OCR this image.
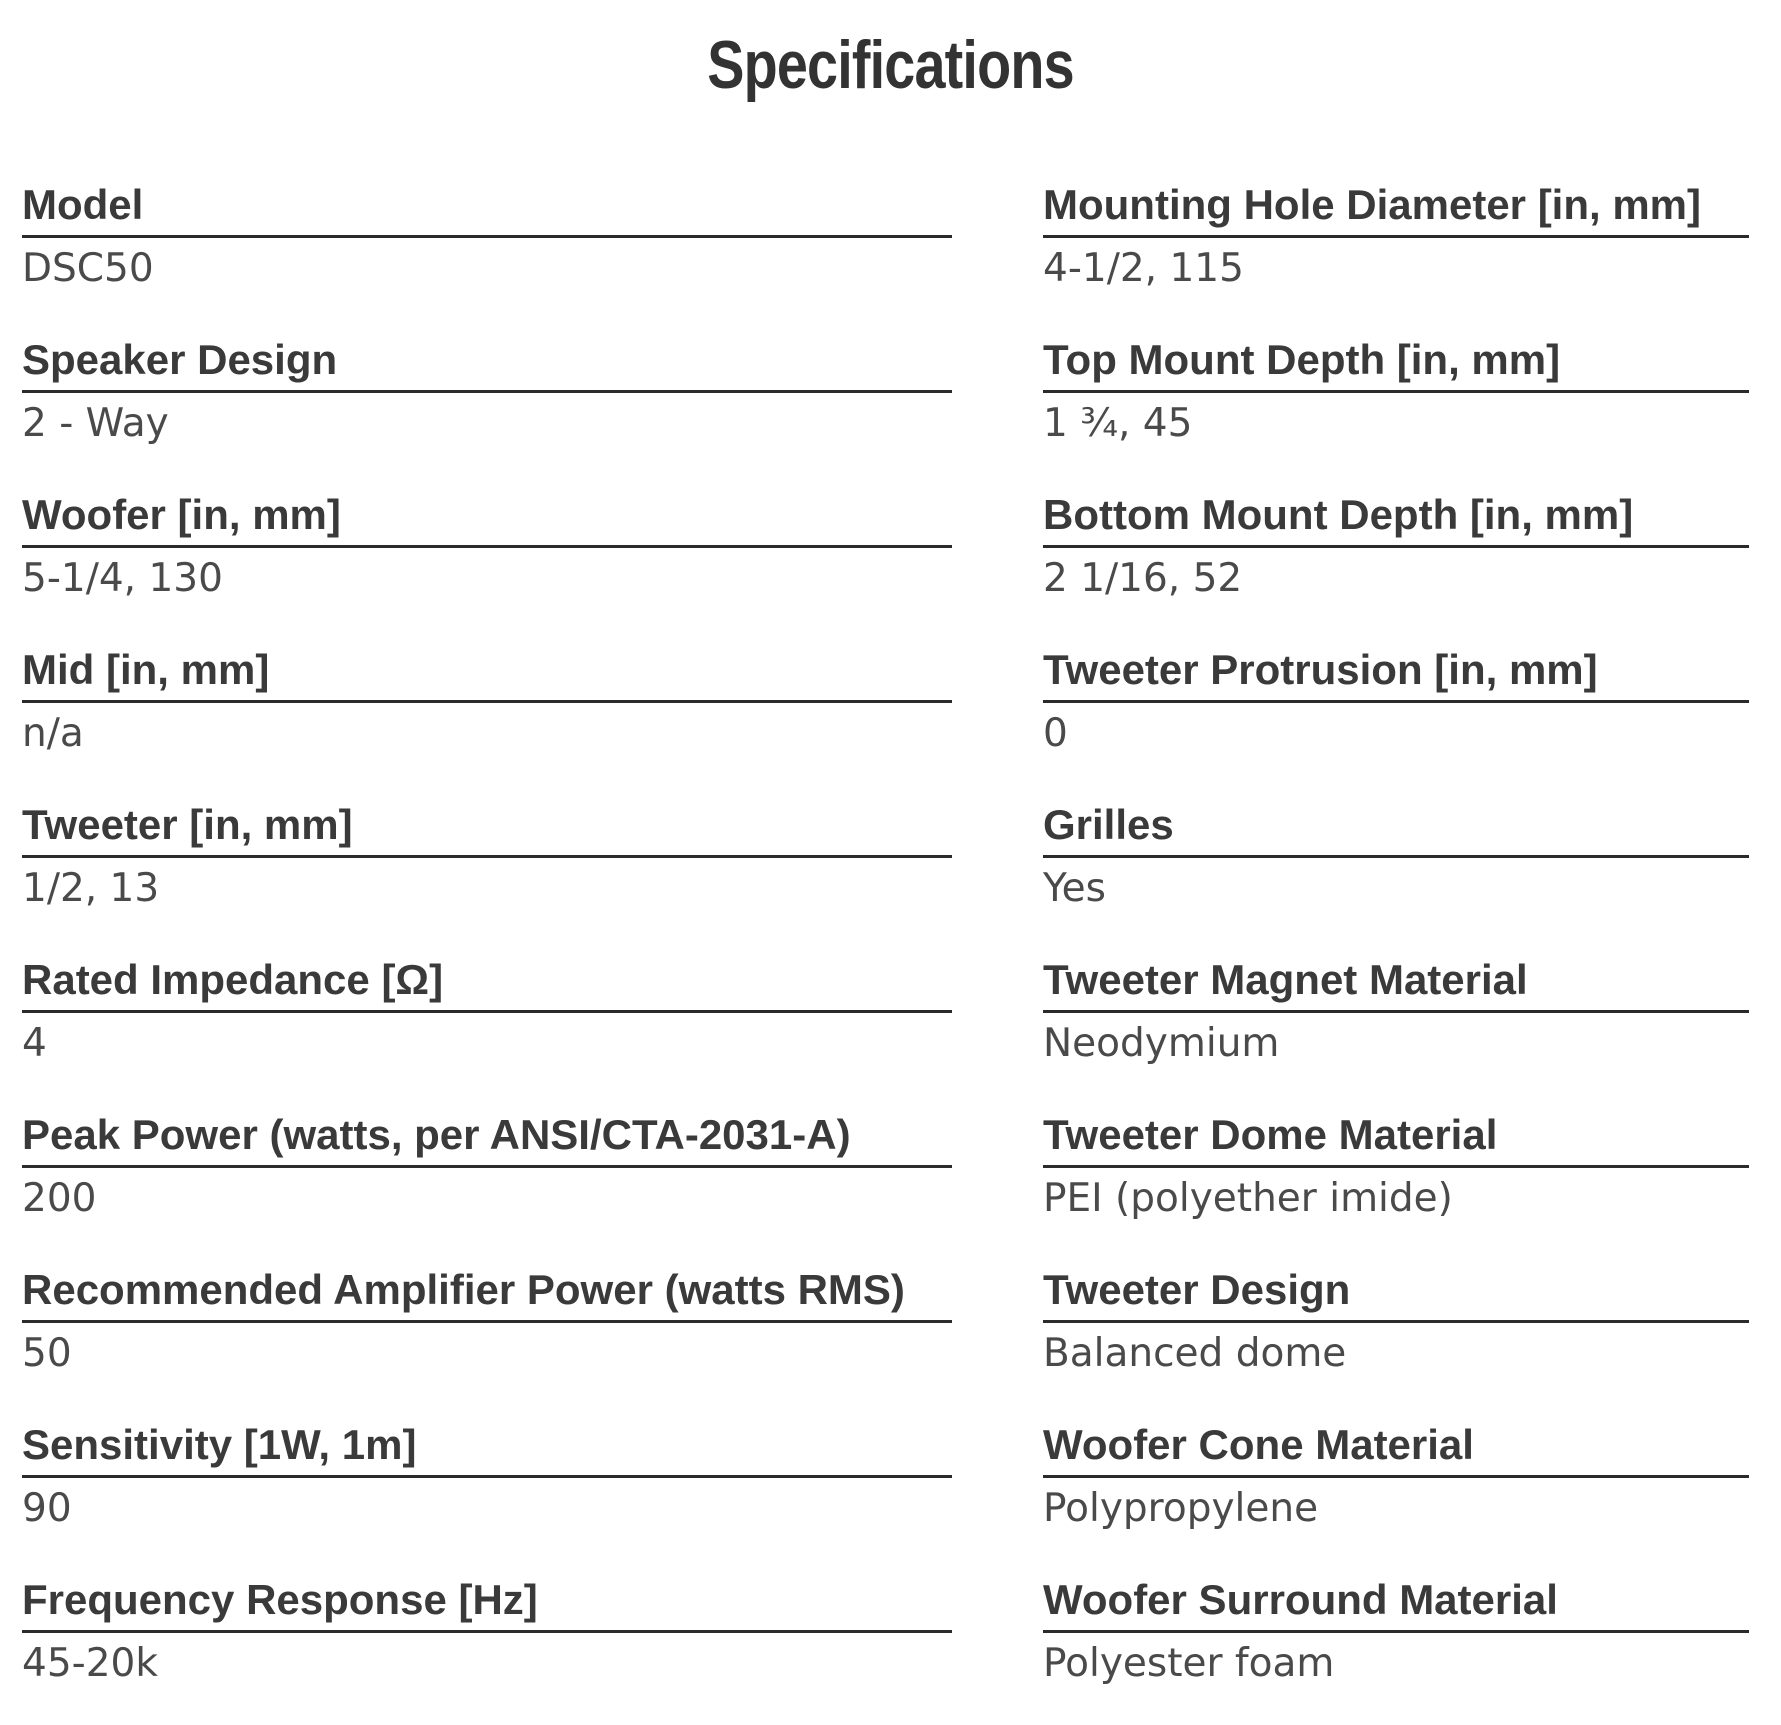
Specifications
Model
DSC50
Speaker Design
2 - Way
Woofer [in, mm]
5-1/4, 130
Mid [in, mm]
n/a
Tweeter [in, mm]
1/2, 13
Rated Impedance [Ω]
4
Peak Power (watts, per ANSI/CTA-2031-A)
200
Recommended Amplifier Power (watts RMS)
50
Sensitivity [1W, 1m]
90
Frequency Response [Hz]
45-20k
Mounting Hole Diameter [in, mm]
4-1/2, 115
Top Mount Depth [in, mm]
1 ¾, 45
Bottom Mount Depth [in, mm]
2 1/16, 52
Tweeter Protrusion [in, mm]
0
Grilles
Yes
Tweeter Magnet Material
Neodymium
Tweeter Dome Material
PEI (polyether imide)
Tweeter Design
Balanced dome
Woofer Cone Material
Polypropylene
Woofer Surround Material
Polyester foam
